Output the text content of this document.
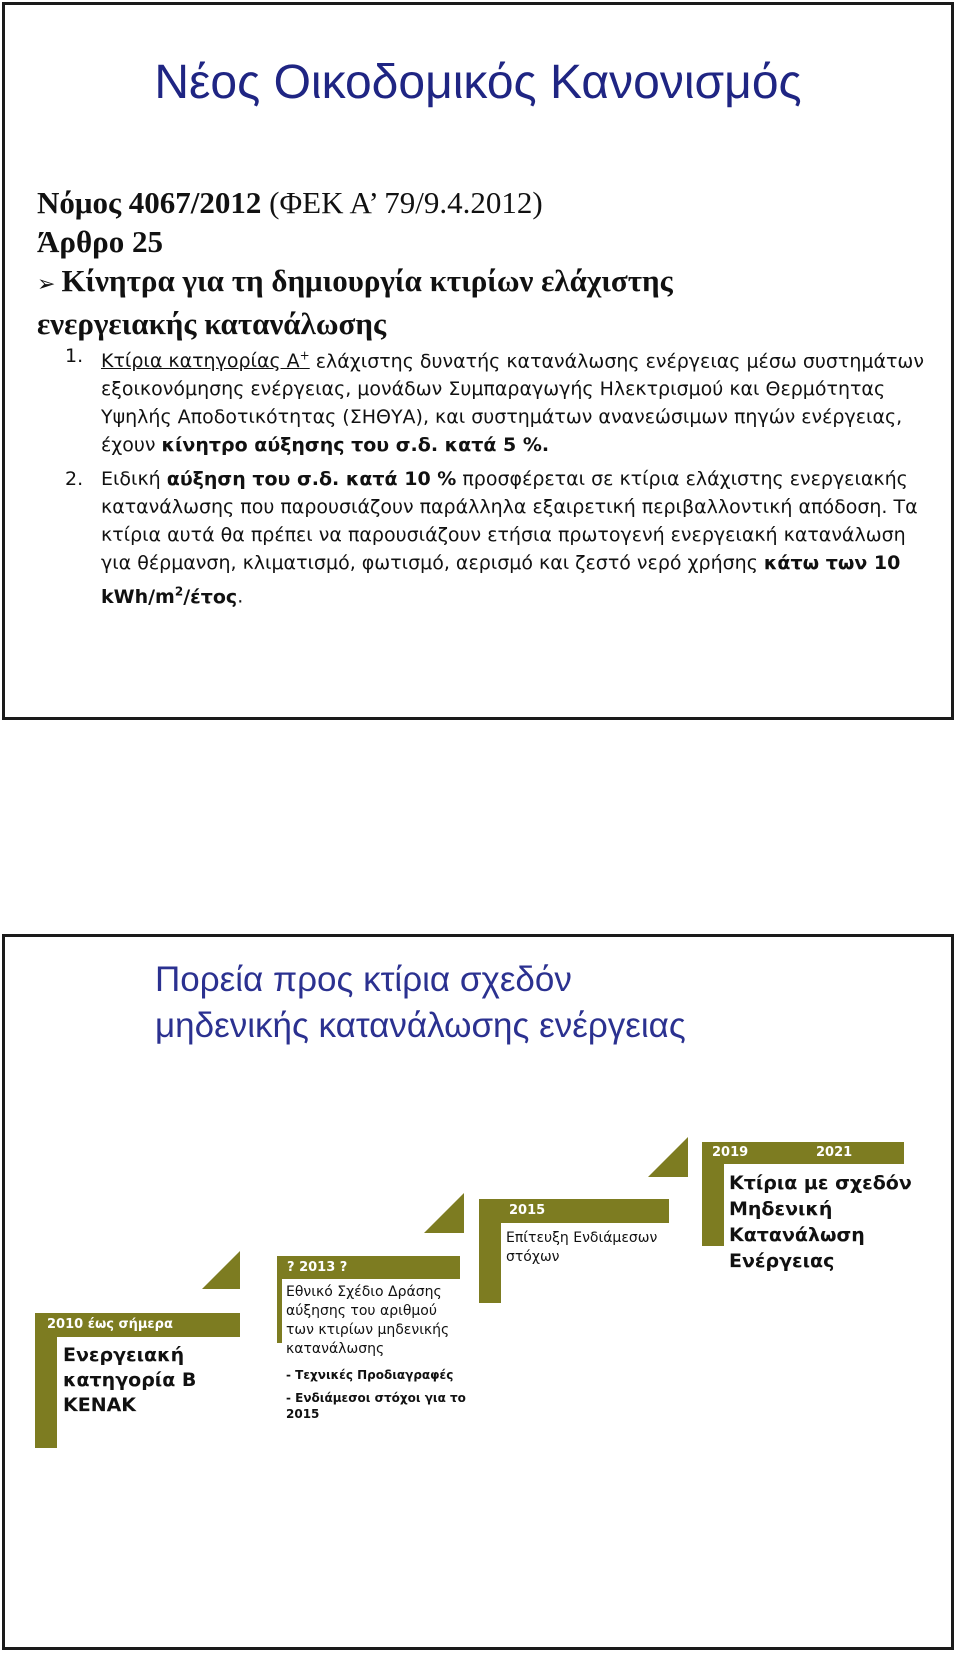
Νέος Οικοδομικός Κανονισμός
Νόμος 4067/2012 (ΦΕΚ Α’ 79/9.4.2012)
Άρθρο 25
➢ Κίνητρα για τη δημιουργία κτιρίων ελάχιστης
ενεργειακής κατανάλωσης
1. Κτίρια κατηγορίας Α+ ελάχιστης δυνατής κατανάλωσης ενέργειας μέσω συστημάτων εξοικονόμησης ενέργειας, μονάδων Συμπαραγωγής Ηλεκτρισμού και Θερμότητας Υψηλής Αποδοτικότητας (ΣΗΘΥΑ), και συστημάτων ανανεώσιμων πηγών ενέργειας, έχουν κίνητρο αύξησης του σ.δ. κατά 5 %.
2. Ειδική αύξηση του σ.δ. κατά 10 % προσφέρεται σε κτίρια ελάχιστης ενεργειακής κατανάλωσης που παρουσιάζουν παράλληλα εξαιρετική περιβαλλοντική απόδοση. Τα κτίρια αυτά θα πρέπει να παρουσιάζουν ετήσια πρωτογενή ενεργειακή κατανάλωση για θέρμανση, κλιματισμό, φωτισμό, αερισμό και ζεστό νερό χρήσης κάτω των 10 kWh/$m^2$/έτος.
Πορεία προς κτίρια σχεδόν
μηδενικής κατανάλωσης ενέργειας
2010 έως σήμερα
Ενεργειακή
κατηγορία Β
ΚΕΝΑΚ
? 2013 ?
Εθνικό Σχέδιο Δράσης
αύξησης του αριθμού
των κτιρίων μηδενικής
κατανάλωσης
- Τεχνικές Προδιαγραφές
- Ενδιάμεσοι στόχοι για το
2015
2015
Επίτευξη Ενδιάμεσων
στόχων
2019	2021
Κτίρια με σχεδόν
Μηδενική
Κατανάλωση
Ενέργειας
